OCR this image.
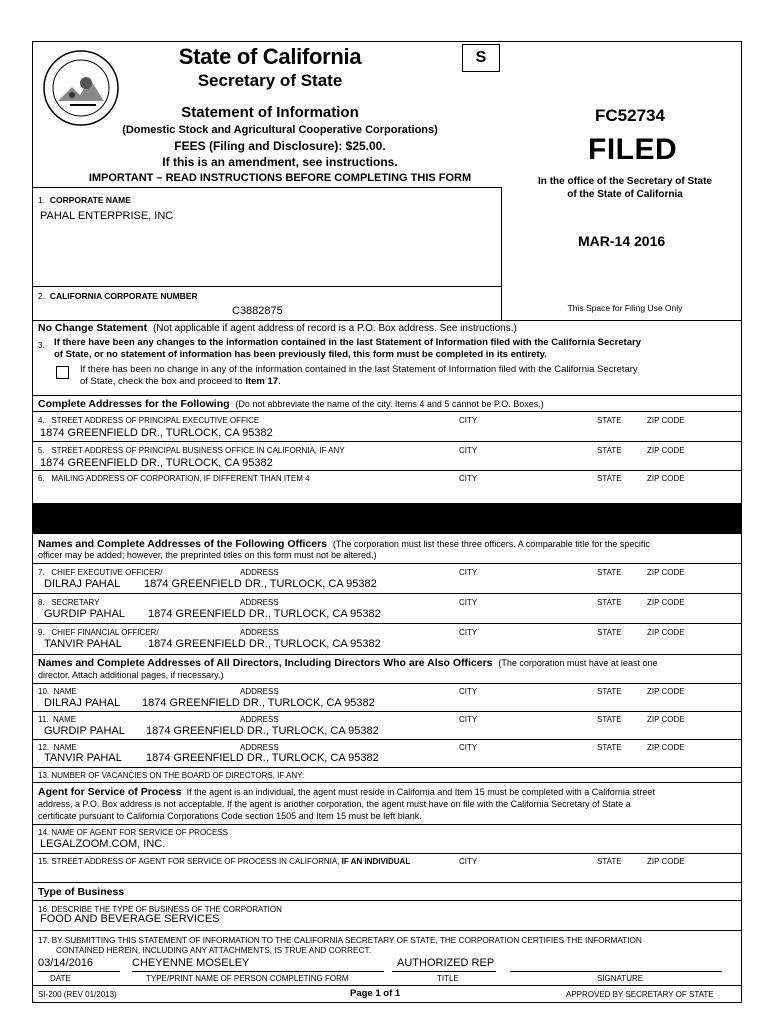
State of California
Secretary of State
S
Statement of Information
(Domestic Stock and Agricultural Cooperative Corporations)
FEES (Filing and Disclosure): $25.00.
If this is an amendment, see instructions.
IMPORTANT – READ INSTRUCTIONS BEFORE COMPLETING THIS FORM
FC52734
FILED
In the office of the Secretary of State
of the State of California
MAR-14 2016
This Space for Filing Use Only
1. CORPORATE NAME
PAHAL ENTERPRISE, INC
2. CALIFORNIA CORPORATE NUMBER
C3882875
No Change Statement (Not applicable if agent address of record is a P.O. Box address. See instructions.)
3. If there have been any changes to the information contained in the last Statement of Information filed with the California Secretary
of State, or no statement of information has been previously filed, this form must be completed in its entirety.
If there has been no change in any of the information contained in the last Statement of Information filed with the California Secretary
of State, check the box and proceed to Item 17.
Complete Addresses for the Following (Do not abbreviate the name of the city. Items 4 and 5 cannot be P.O. Boxes.)
4. STREET ADDRESS OF PRINCIPAL EXECUTIVE OFFICE	CITY	STATE	ZIP CODE
1874 GREENFIELD DR., TURLOCK, CA 95382
5. STREET ADDRESS OF PRINCIPAL BUSINESS OFFICE IN CALIFORNIA, IF ANY	CITY	STATE	ZIP CODE
1874 GREENFIELD DR., TURLOCK, CA 95382
6. MAILING ADDRESS OF CORPORATION, IF DIFFERENT THAN ITEM 4	CITY	STATE	ZIP CODE
Names and Complete Addresses of the Following Officers (The corporation must list these three officers. A comparable title for the specific
officer may be added; however, the preprinted titles on this form must not be altered.)
7. CHIEF EXECUTIVE OFFICER/	ADDRESS	CITY	STATE	ZIP CODE
DILRAJ PAHAL 1874 GREENFIELD DR., TURLOCK, CA 95382
8. SECRETARY	ADDRESS	CITY	STATE	ZIP CODE
GURDIP PAHAL 1874 GREENFIELD DR., TURLOCK, CA 95382
9. CHIEF FINANCIAL OFFICER/	ADDRESS	CITY	STATE	ZIP CODE
TANVIR PAHAL 1874 GREENFIELD DR., TURLOCK, CA 95382
Names and Complete Addresses of All Directors, Including Directors Who are Also Officers (The corporation must have at least one
director. Attach additional pages, if necessary.)
10. NAME	ADDRESS	CITY	STATE	ZIP CODE
DILRAJ PAHAL 1874 GREENFIELD DR., TURLOCK, CA 95382
11. NAME	ADDRESS	CITY	STATE	ZIP CODE
GURDIP PAHAL 1874 GREENFIELD DR., TURLOCK, CA 95382
12. NAME	ADDRESS	CITY	STATE	ZIP CODE
TANVIR PAHAL 1874 GREENFIELD DR., TURLOCK, CA 95382
13. NUMBER OF VACANCIES ON THE BOARD OF DIRECTORS, IF ANY:
Agent for Service of Process If the agent is an individual, the agent must reside in California and Item 15 must be completed with a California street
address, a P.O. Box address is not acceptable. If the agent is another corporation, the agent must have on file with the California Secretary of State a
certificate pursuant to California Corporations Code section 1505 and Item 15 must be left blank.
14. NAME OF AGENT FOR SERVICE OF PROCESS
LEGALZOOM.COM, INC.
15. STREET ADDRESS OF AGENT FOR SERVICE OF PROCESS IN CALIFORNIA, IF AN INDIVIDUAL	CITY	STATE	ZIP CODE
Type of Business
16. DESCRIBE THE TYPE OF BUSINESS OF THE CORPORATION
FOOD AND BEVERAGE SERVICES
17. BY SUBMITTING THIS STATEMENT OF INFORMATION TO THE CALIFORNIA SECRETARY OF STATE, THE CORPORATION CERTIFIES THE INFORMATION
CONTAINED HEREIN, INCLUDING ANY ATTACHMENTS, IS TRUE AND CORRECT.
03/14/2016	CHEYENNE MOSELEY	AUTHORIZED REP
DATE	TYPE/PRINT NAME OF PERSON COMPLETING FORM	TITLE	SIGNATURE
SI-200 (REV 01/2013)	Page 1 of 1	APPROVED BY SECRETARY OF STATE
